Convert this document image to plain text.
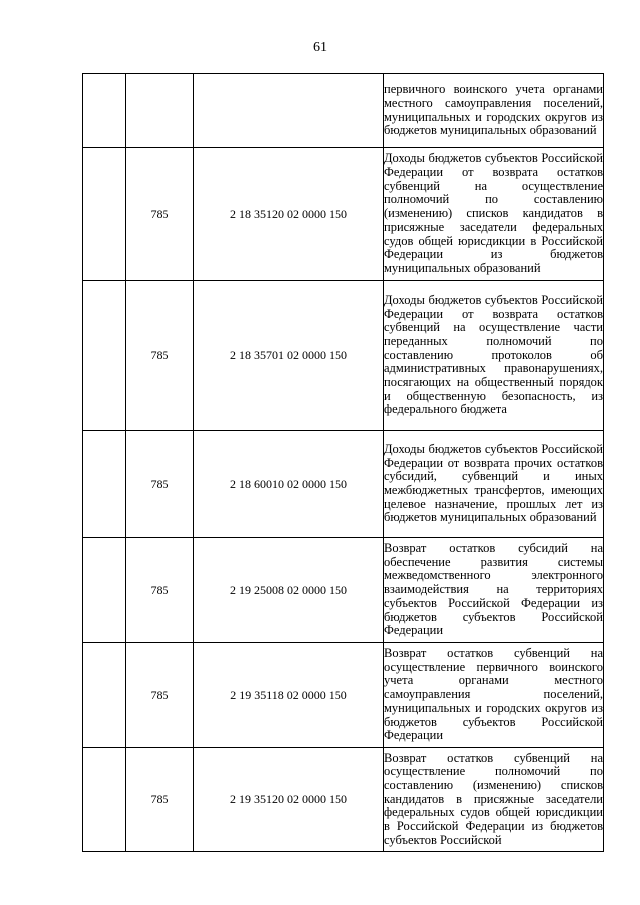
61

			первичного воинского учета органами местного самоуправления поселений, муниципальных и городских округов из бюджетов муниципальных образований

	785	2 18 35120 02 0000 150	Доходы бюджетов субъектов Российской Федерации от возврата остатков субвенций на осуществление полномочий по составлению (изменению) списков кандидатов в присяжные заседатели федеральных судов общей юрисдикции в Российской Федерации из бюджетов муниципальных образований

	785	2 18 35701 02 0000 150	Доходы бюджетов субъектов Российской Федерации от возврата остатков субвенций на осуществление части переданных полномочий по составлению протоколов об административных правонарушениях, посягающих на общественный порядок и общественную безопасность, из федерального бюджета

	785	2 18 60010 02 0000 150	Доходы бюджетов субъектов Российской Федерации от возврата прочих остатков субсидий, субвенций и иных межбюджетных трансфертов, имеющих целевое назначение, прошлых лет из бюджетов муниципальных образований

	785	2 19 25008 02 0000 150	Возврат остатков субсидий на обеспечение развития системы межведомственного электронного взаимодействия на территориях субъектов Российской Федерации из бюджетов субъектов Российской Федерации

	785	2 19 35118 02 0000 150	Возврат остатков субвенций на осуществление первичного воинского учета органами местного самоуправления поселений, муниципальных и городских округов из бюджетов субъектов Российской Федерации

	785	2 19 35120 02 0000 150	Возврат остатков субвенций на осуществление полномочий по составлению (изменению) списков кандидатов в присяжные заседатели федеральных судов общей юрисдикции в Российской Федерации из бюджетов субъектов Российской
